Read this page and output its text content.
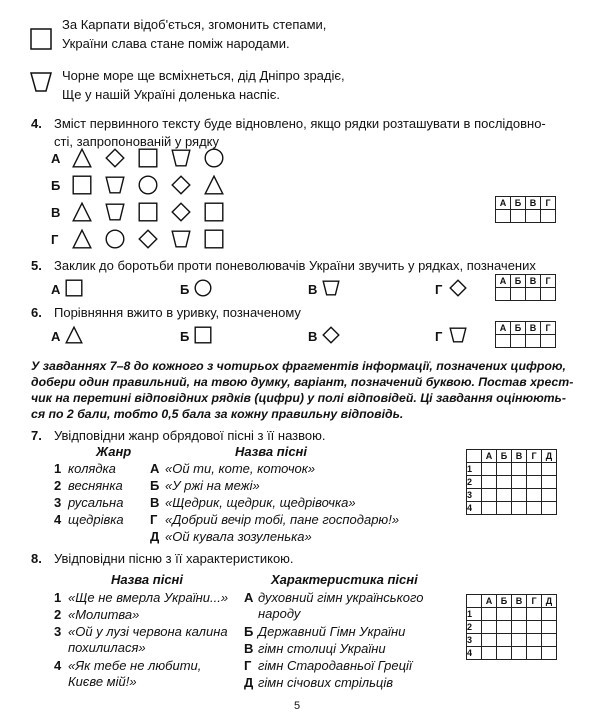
За Карпати відоб'ється, згомонить степами,
України слава стане поміж народами.
Чорне море ще всміхнеться, дід Дніпро зрадіє,
Ще у нашій Україні доленька наспіє.
4. Зміст первинного тексту буде відновлено, якщо рядки розташувати в послідовно-
сті, запропонованій у рядку
А
Б
В
Г
А	Б	В	Г

5. Заклик до боротьби проти поневолювачів України звучить у рядках, позначених
А	Б	В	Г
А	Б	В	Г

6. Порівняння вжито в уривку, позначеному
А	Б	В	Г
А	Б	В	Г

У завданнях 7–8 до кожного з чотирьох фрагментів інформації, позначених цифрою,
добери один правильний, на твою думку, варіант, позначений буквою. Постав хрест-
чик на перетині відповідних рядків (цифри) у полі відповідей. Ці завдання оцінюють-
ся по 2 бали, тобто 0,5 бала за кожну правильну відповідь.
7. Увідповідни жанр обрядової пісні з її назвою.
Жанр	Назва пісні
1 колядка
2 веснянка
3 русальна
4 щедрівка
А «Ой ти, коте, коточок»
Б «У ржі на межі»
В «Щедрик, щедрик, щедрівочка»
Г «Добрий вечір тобі, пане господарю!»
Д «Ой кувала зозуленька»
	А	Б	В	Г	Д
1					
2					
3					
4					
8. Увідповідни пісню з її характеристикою.
Назва пісні	Характеристика пісні
1 «Ще не вмерла України...»
2 «Молитва»
3 «Ой у лузі червона калина
похилилася»
4 «Як тебе не любити,
Києве мій!»
А духовний гімн українського
народу
Б Державний Гімн України
В гімн столиці України
Г гімн Стародавньої Греції
Д гімн січових стрільців
	А	Б	В	Г	Д
1					
2					
3					
4					
5
